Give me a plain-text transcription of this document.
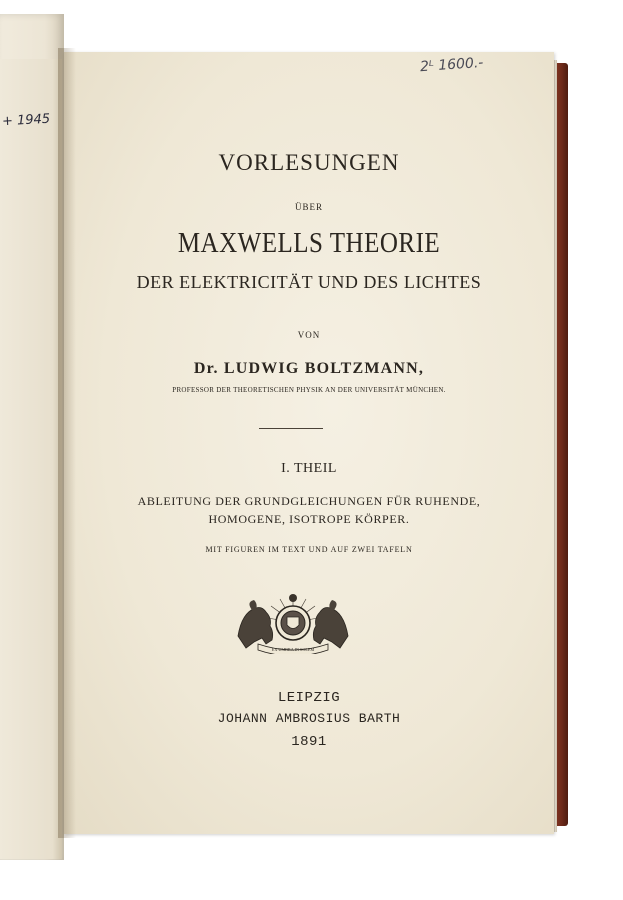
+ 1945
2ᴸ 1600.-
VORLESUNGEN
ÜBER
MAXWELLS THEORIE
DER ELEKTRICITÄT UND DES LICHTES
VON
Dr. LUDWIG BOLTZMANN,
PROFESSOR DER THEORETISCHEN PHYSIK AN DER UNIVERSITÄT MÜNCHEN.
I. THEIL
ABLEITUNG DER GRUNDGLEICHUNGEN FÜR RUHENDE,
HOMOGENE, ISOTROPE KÖRPER.
MIT FIGUREN IM TEXT UND AUF ZWEI TAFELN
EX UMBRA IN SOLEM
LEIPZIG
JOHANN AMBROSIUS BARTH
1891
